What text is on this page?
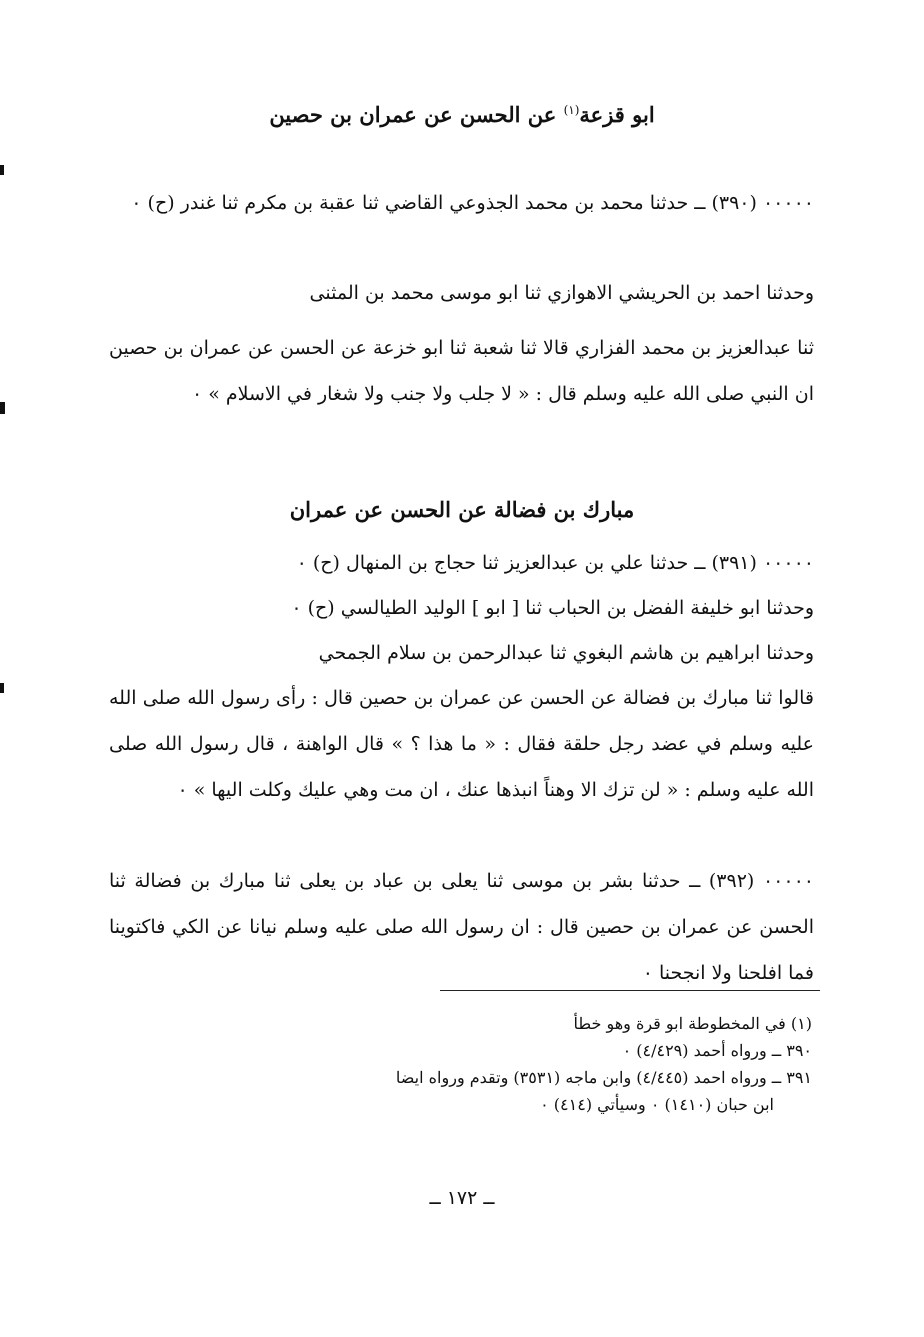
ابو قزعة$^{(١)}$ عن الحسن عن عمران بن حصين

٠٠٠٠٠ (٣٩٠) ــ حدثنا محمد بن محمد الجذوعي القاضي ثنا عقبة بن مكرم ثنا غندر (ح) ٠

وحدثنا احمد بن الحريشي الاهوازي ثنا ابو موسى محمد بن المثنى

ثنا عبدالعزيز بن محمد الفزاري قالا ثنا شعبة ثنا ابو خزعة عن الحسن عن عمران بن حصين ان النبي صلى الله عليه وسلم قال : « لا جلب ولا جنب ولا شغار في الاسلام » ٠

مبارك بن فضالة عن الحسن عن عمران

٠٠٠٠٠ (٣٩١) ــ حدثنا علي بن عبدالعزيز ثنا حجاج بن المنهال (ح) ٠

وحدثنا ابو خليفة الفضل بن الحباب ثنا [ ابو ] الوليد الطيالسي (ح) ٠

وحدثنا ابراهيم بن هاشم البغوي ثنا عبدالرحمن بن سلام الجمحي

قالوا ثنا مبارك بن فضالة عن الحسن عن عمران بن حصين قال : رأى رسول الله صلى الله عليه وسلم في عضد رجل حلقة فقال : « ما هذا ؟ » قال الواهنة ، قال رسول الله صلى الله عليه وسلم : « لن تزك الا وهناً انبذها عنك ، ان مت وهي عليك وكلت اليها » ٠

٠٠٠٠٠ (٣٩٢) ــ حدثنا بشر بن موسى ثنا يعلى بن عباد بن يعلى ثنا مبارك بن فضالة ثنا الحسن عن عمران بن حصين قال : ان رسول الله صلى عليه وسلم نيانا عن الكي فاكتوينا فما افلحنا ولا انجحنا ٠

(١) في المخطوطة ابو قرة وهو خطأ

٣٩٠ ــ ورواه أحمد (٤/٤٢٩) ٠

٣٩١ ــ ورواه احمد (٤/٤٤٥) وابن ماجه (٣٥٣١) وتقدم ورواه ايضا

ابن حبان (١٤١٠) ٠ وسيأتي (٤١٤) ٠

ــ ١٧٢ ــ
